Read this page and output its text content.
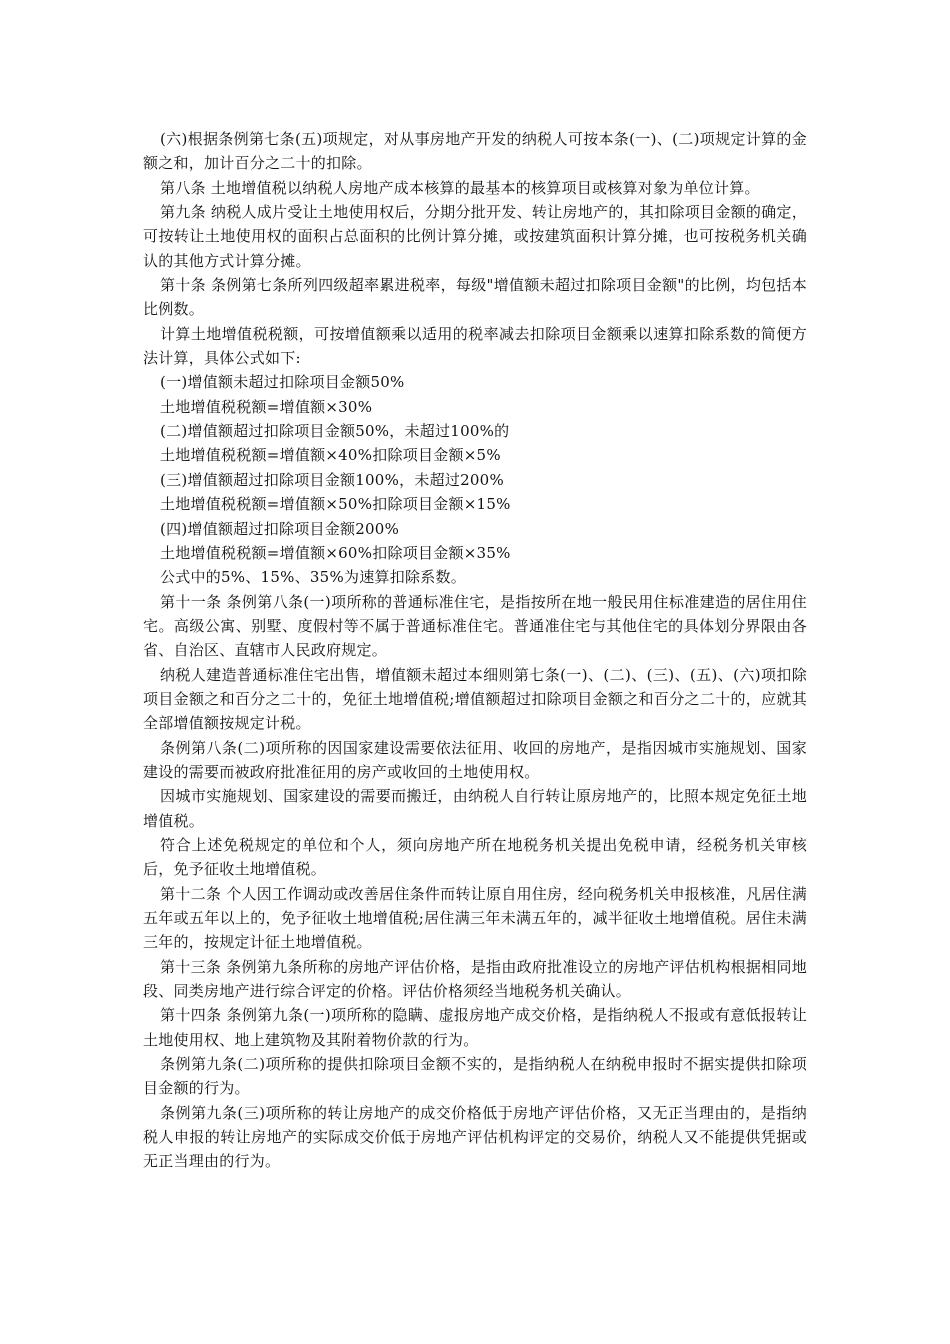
(六)根据条例第七条(五)项规定，对从事房地产开发的纳税人可按本条(一)、(二)项规定计算的金额之和，加计百分之二十的扣除。

第八条 土地增值税以纳税人房地产成本核算的最基本的核算项目或核算对象为单位计算。

第九条 纳税人成片受让土地使用权后，分期分批开发、转让房地产的，其扣除项目金额的确定，可按转让土地使用权的面积占总面积的比例计算分摊，或按建筑面积计算分摊，也可按税务机关确认的其他方式计算分摊。

第十条 条例第七条所列四级超率累进税率，每级"增值额未超过扣除项目金额"的比例，均包括本比例数。

计算土地增值税税额，可按增值额乘以适用的税率减去扣除项目金额乘以速算扣除系数的简便方法计算，具体公式如下:

(一)增值额未超过扣除项目金额50%

土地增值税税额=增值额×30%

(二)增值额超过扣除项目金额50%，未超过100%的

土地增值税税额=增值额×40%扣除项目金额×5%

(三)增值额超过扣除项目金额100%，未超过200%

土地增值税税额=增值额×50%扣除项目金额×15%

(四)增值额超过扣除项目金额200%

土地增值税税额=增值额×60%扣除项目金额×35%

公式中的5%、15%、35%为速算扣除系数。

第十一条 条例第八条(一)项所称的普通标准住宅，是指按所在地一般民用住标准建造的居住用住宅。高级公寓、别墅、度假村等不属于普通标准住宅。普通准住宅与其他住宅的具体划分界限由各省、自治区、直辖市人民政府规定。

纳税人建造普通标准住宅出售，增值额未超过本细则第七条(一)、(二)、(三)、(五)、(六)项扣除项目金额之和百分之二十的，免征土地增值税;增值额超过扣除项目金额之和百分之二十的，应就其全部增值额按规定计税。

条例第八条(二)项所称的因国家建设需要依法征用、收回的房地产，是指因城市实施规划、国家建设的需要而被政府批准征用的房产或收回的土地使用权。

因城市实施规划、国家建设的需要而搬迁，由纳税人自行转让原房地产的，比照本规定免征土地增值税。

符合上述免税规定的单位和个人，须向房地产所在地税务机关提出免税申请，经税务机关审核后，免予征收土地增值税。

第十二条 个人因工作调动或改善居住条件而转让原自用住房，经向税务机关申报核准，凡居住满五年或五年以上的，免予征收土地增值税;居住满三年未满五年的，减半征收土地增值税。居住未满三年的，按规定计征土地增值税。

第十三条 条例第九条所称的房地产评估价格，是指由政府批准设立的房地产评估机构根据相同地段、同类房地产进行综合评定的价格。评估价格须经当地税务机关确认。

第十四条 条例第九条(一)项所称的隐瞒、虚报房地产成交价格，是指纳税人不报或有意低报转让土地使用权、地上建筑物及其附着物价款的行为。

条例第九条(二)项所称的提供扣除项目金额不实的，是指纳税人在纳税申报时不据实提供扣除项目金额的行为。

条例第九条(三)项所称的转让房地产的成交价格低于房地产评估价格，又无正当理由的，是指纳税人申报的转让房地产的实际成交价低于房地产评估机构评定的交易价，纳税人又不能提供凭据或无正当理由的行为。
